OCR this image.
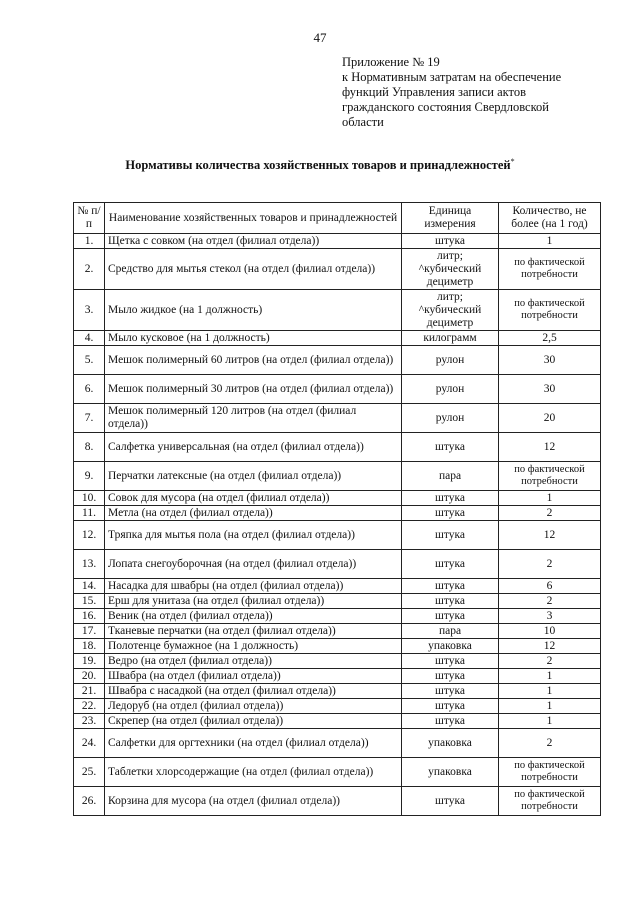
47
Приложение № 19
к Нормативным затратам на обеспечение
функций Управления записи актов
гражданского состояния Свердловской
области
Нормативы количества хозяйственных товаров и принадлежностей*
№ п/п	Наименование хозяйственных товаров и принадлежностей	Единица измерения	Количество, не более (на 1 год)
1.	Щетка с совком (на отдел (филиал отдела))	штука	1
2.	Средство для мытья стекол (на отдел (филиал отдела))	литр; ^кубический дециметр	по фактической потребности
3.	Мыло жидкое (на 1 должность)	литр; ^кубический дециметр	по фактической потребности
4.	Мыло кусковое (на 1 должность)	килограмм	2,5
5.	Мешок полимерный 60 литров (на отдел (филиал отдела))	рулон	30
6.	Мешок полимерный 30 литров (на отдел (филиал отдела))	рулон	30
7.	Мешок полимерный 120 литров (на отдел (филиал отдела))	рулон	20
8.	Салфетка универсальная (на отдел (филиал отдела))	штука	12
9.	Перчатки латексные (на отдел (филиал отдела))	пара	по фактической потребности
10.	Совок для мусора (на отдел (филиал отдела))	штука	1
11.	Метла (на отдел (филиал отдела))	штука	2
12.	Тряпка для мытья пола (на отдел (филиал отдела))	штука	12
13.	Лопата снегоуборочная (на отдел (филиал отдела))	штука	2
14.	Насадка для швабры (на отдел (филиал отдела))	штука	6
15.	Ерш для унитаза (на отдел (филиал отдела))	штука	2
16.	Веник (на отдел (филиал отдела))	штука	3
17.	Тканевые перчатки (на отдел (филиал отдела))	пара	10
18.	Полотенце бумажное (на 1 должность)	упаковка	12
19.	Ведро (на отдел (филиал отдела))	штука	2
20.	Швабра (на отдел (филиал отдела))	штука	1
21.	Швабра с насадкой (на отдел (филиал отдела))	штука	1
22.	Ледоруб (на отдел (филиал отдела))	штука	1
23.	Скрепер (на отдел (филиал отдела))	штука	1
24.	Салфетки для оргтехники (на отдел (филиал отдела))	упаковка	2
25.	Таблетки хлорсодержащие (на отдел (филиал отдела))	упаковка	по фактической потребности
26.	Корзина для мусора (на отдел (филиал отдела))	штука	по фактической потребности
